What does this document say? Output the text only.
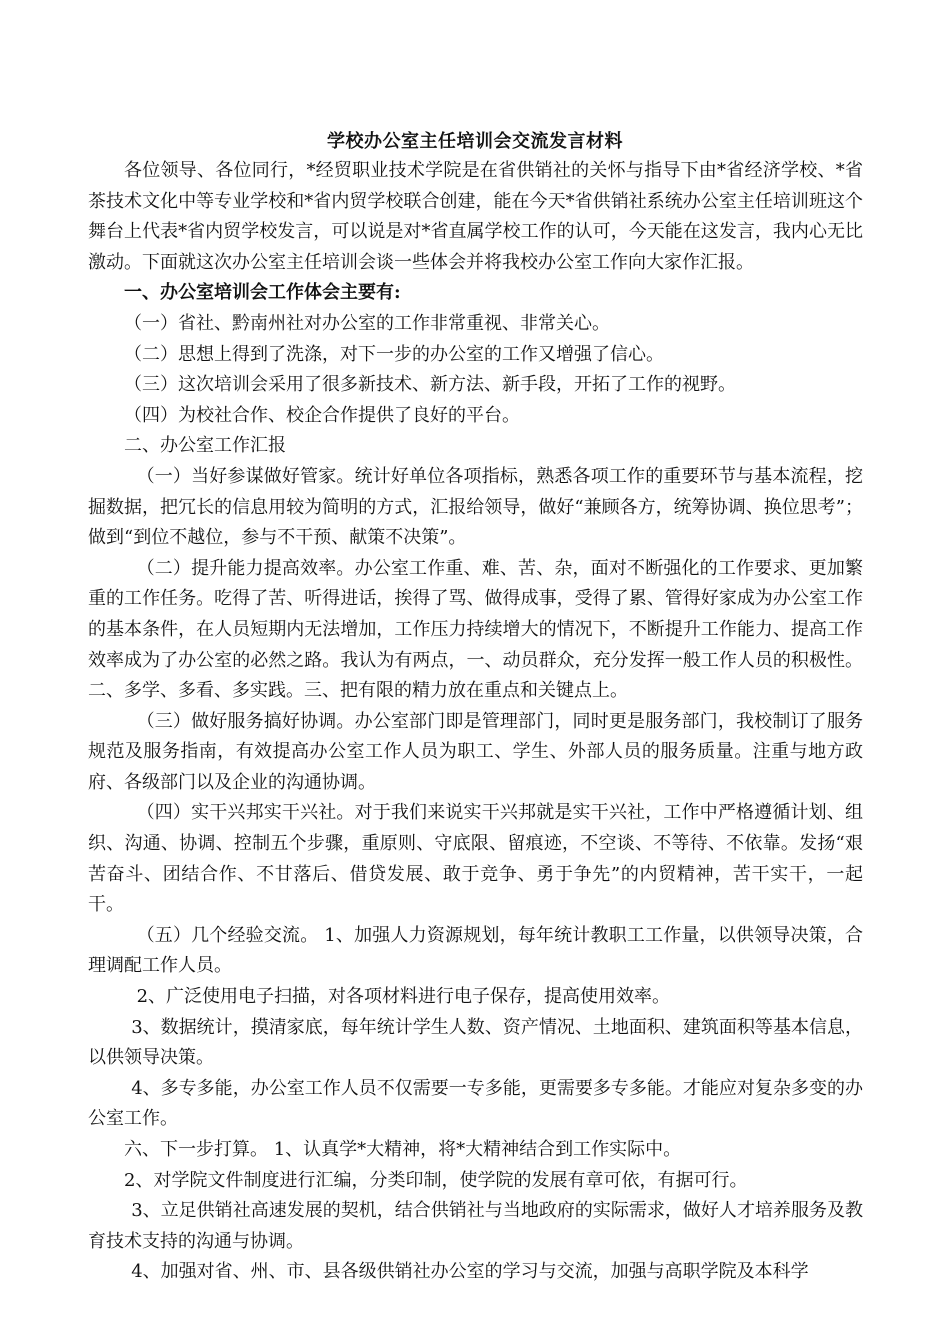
学校办公室主任培训会交流发言材料

各位领导、各位同行，*经贸职业技术学院是在省供销社的关怀与指导下由*省经济学校、*省茶技术文化中等专业学校和*省内贸学校联合创建，能在今天*省供销社系统办公室主任培训班这个舞台上代表*省内贸学校发言，可以说是对*省直属学校工作的认可，今天能在这发言，我内心无比激动。下面就这次办公室主任培训会谈一些体会并将我校办公室工作向大家作汇报。

一、办公室培训会工作体会主要有:

（一）省社、黔南州社对办公室的工作非常重视、非常关心。

（二）思想上得到了洗涤，对下一步的办公室的工作又增强了信心。

（三）这次培训会采用了很多新技术、新方法、新手段，开拓了工作的视野。

（四）为校社合作、校企合作提供了良好的平台。

二、办公室工作汇报

（一）当好参谋做好管家。统计好单位各项指标，熟悉各项工作的重要环节与基本流程，挖掘数据，把冗长的信息用较为简明的方式，汇报给领导，做好“兼顾各方，统筹协调、换位思考”；做到“到位不越位，参与不干预、献策不决策”。

（二）提升能力提高效率。办公室工作重、难、苦、杂，面对不断强化的工作要求、更加繁重的工作任务。吃得了苦、听得进话，挨得了骂、做得成事，受得了累、管得好家成为办公室工作的基本条件，在人员短期内无法增加，工作压力持续增大的情况下，不断提升工作能力、提高工作效率成为了办公室的必然之路。我认为有两点，一、动员群众，充分发挥一般工作人员的积极性。二、多学、多看、多实践。三、把有限的精力放在重点和关键点上。

（三）做好服务搞好协调。办公室部门即是管理部门，同时更是服务部门，我校制订了服务规范及服务指南，有效提高办公室工作人员为职工、学生、外部人员的服务质量。注重与地方政府、各级部门以及企业的沟通协调。

（四）实干兴邦实干兴社。对于我们来说实干兴邦就是实干兴社，工作中严格遵循计划、组织、沟通、协调、控制五个步骤，重原则、守底限、留痕迹，不空谈、不等待、不依靠。发扬“艰苦奋斗、团结合作、不甘落后、借贷发展、敢于竞争、勇于争先”的内贸精神，苦干实干，一起干。

（五）几个经验交流。 1、加强人力资源规划，每年统计教职工工作量，以供领导决策，合理调配工作人员。

2、广泛使用电子扫描，对各项材料进行电子保存，提高使用效率。

3、数据统计，摸清家底，每年统计学生人数、资产情况、土地面积、建筑面积等基本信息，以供领导决策。

4、多专多能，办公室工作人员不仅需要一专多能，更需要多专多能。才能应对复杂多变的办公室工作。

六、下一步打算。 1、认真学*大精神，将*大精神结合到工作实际中。

2、对学院文件制度进行汇编，分类印制，使学院的发展有章可依，有据可行。

3、立足供销社高速发展的契机，结合供销社与当地政府的实际需求，做好人才培养服务及教育技术支持的沟通与协调。

4、加强对省、州、市、县各级供销社办公室的学习与交流，加强与高职学院及本科学
